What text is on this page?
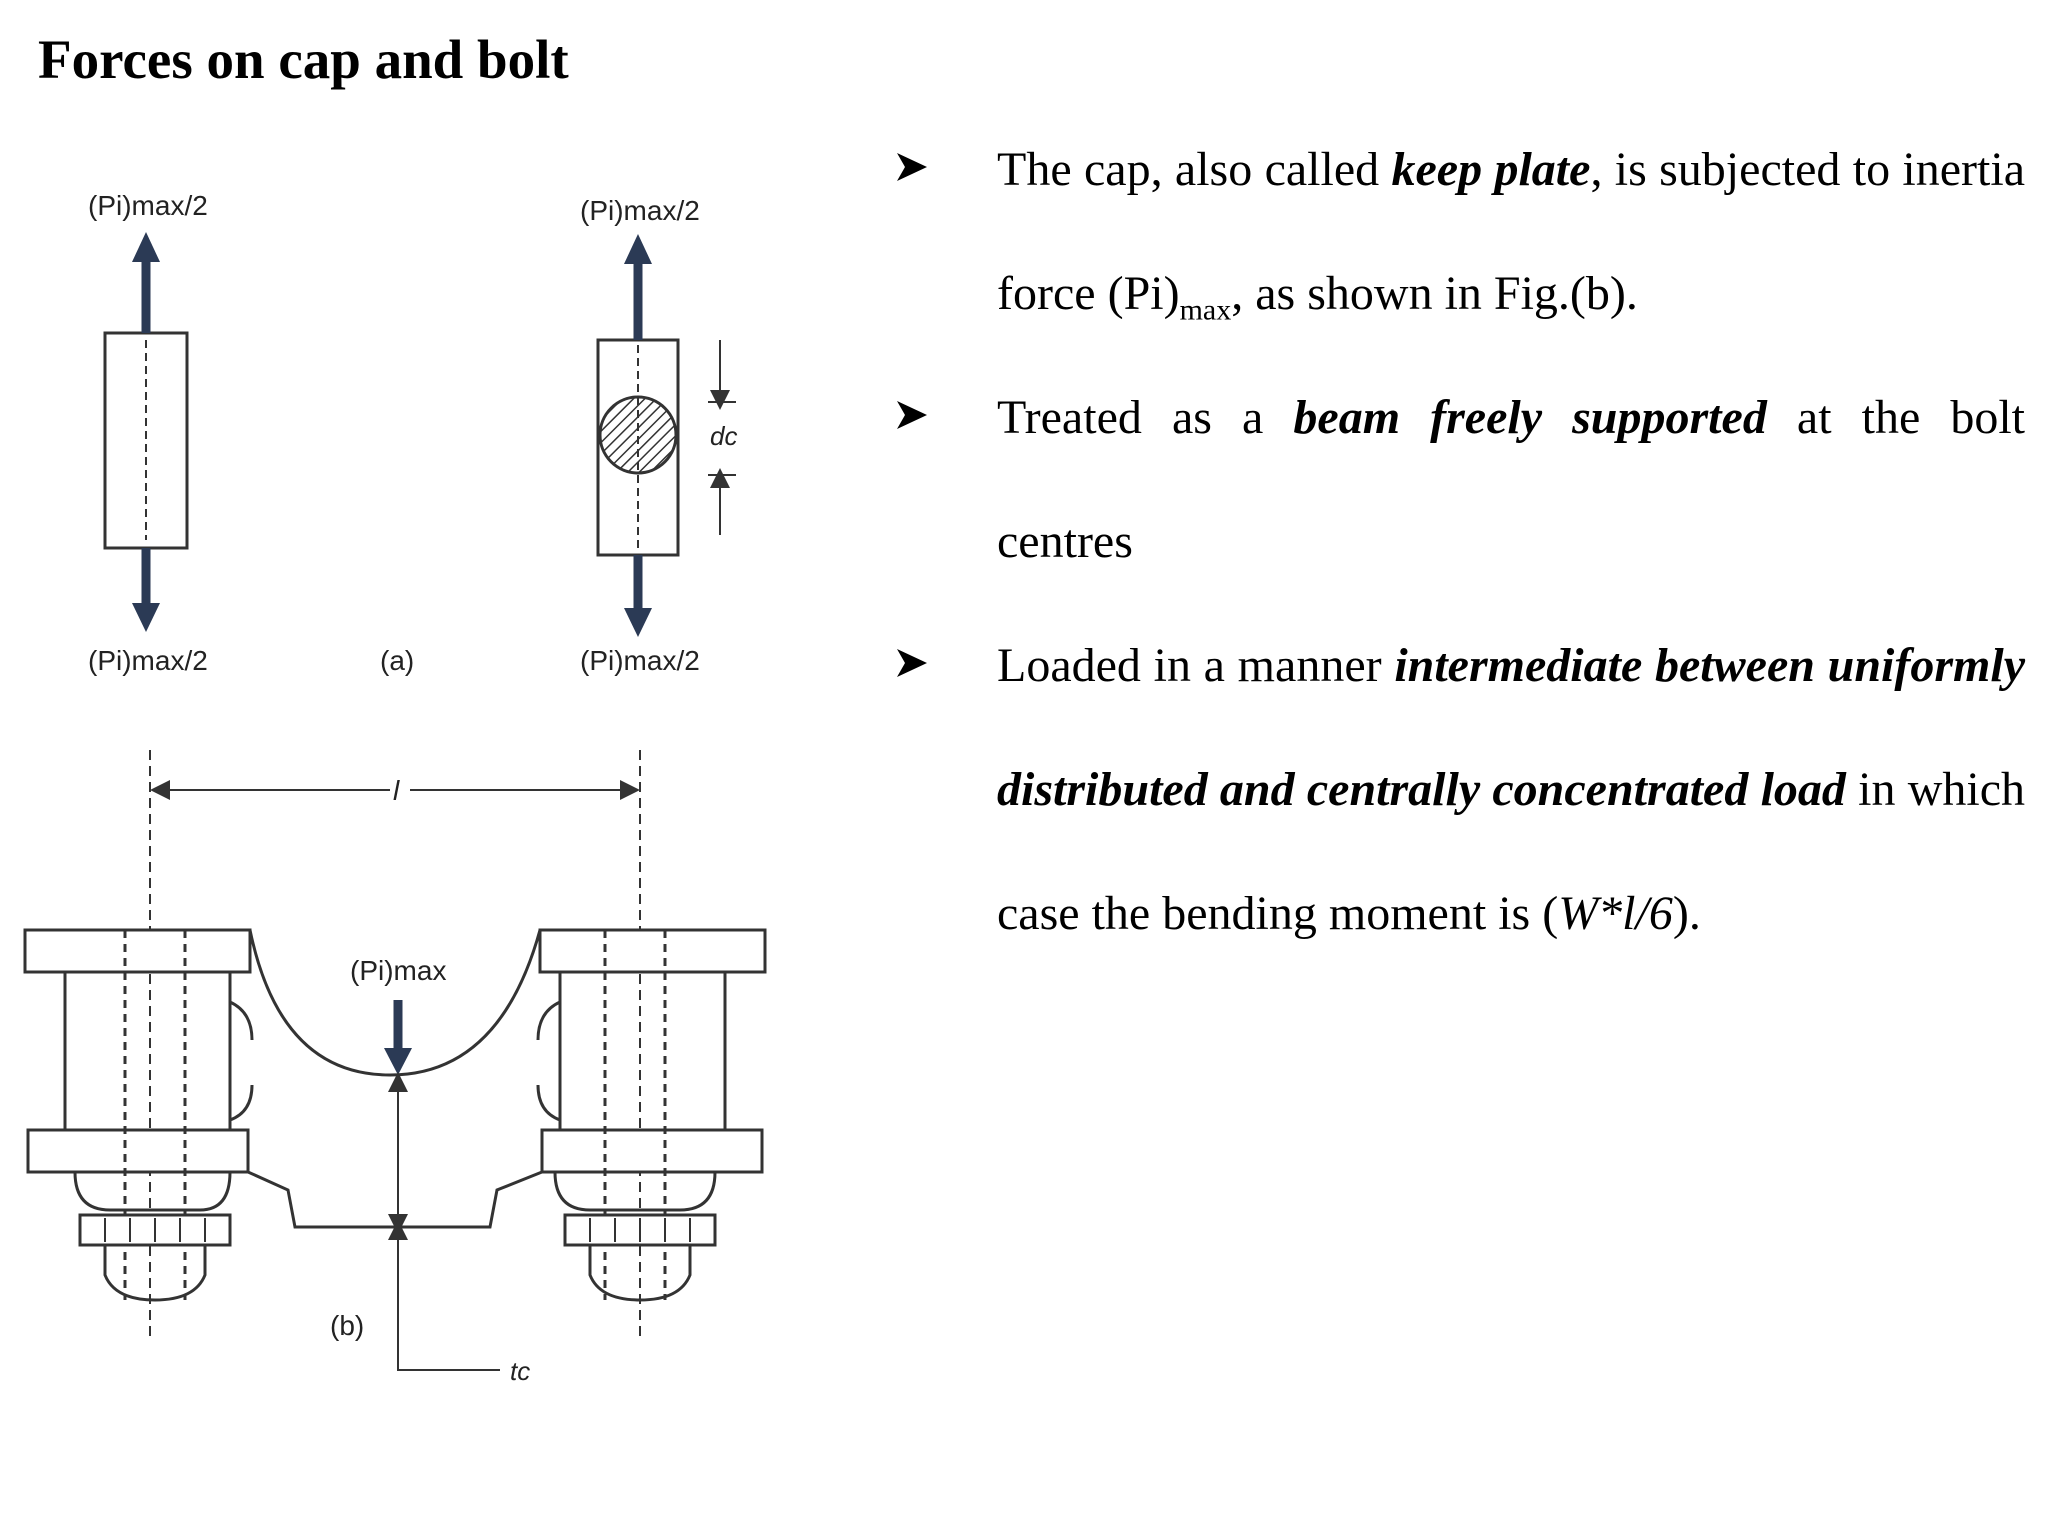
Forces on cap and bolt
(Pi)max/2
(Pi)max/2	(a)
(Pi)max/2
(Pi)max/2
dc
l
(Pi)max
tc
(b)
The cap, also called keep plate, is subjected to inertia force $(Pi)_{max}$, as shown in Fig.(b).
Treated as a beam freely supported at the bolt centres
Loaded in a manner intermediate between uniformly distributed and centrally concentrated load in which case the bending moment is (W*l/6).
